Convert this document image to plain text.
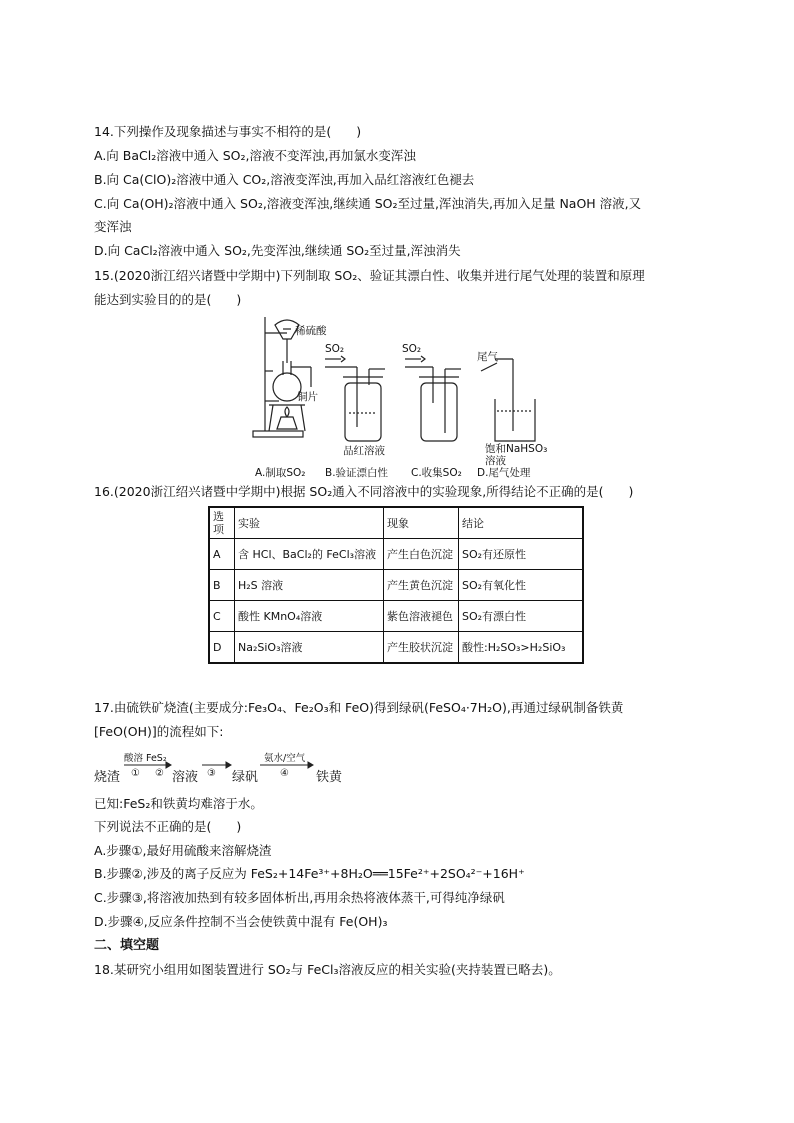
14.下列操作及现象描述与事实不相符的是(　　)
A.向 BaCl₂溶液中通入 SO₂,溶液不变浑浊,再加氯水变浑浊
B.向 Ca(ClO)₂溶液中通入 CO₂,溶液变浑浊,再加入品红溶液红色褪去
C.向 Ca(OH)₂溶液中通入 SO₂,溶液变浑浊,继续通 SO₂至过量,浑浊消失,再加入足量 NaOH 溶液,又
变浑浊
D.向 CaCl₂溶液中通入 SO₂,先变浑浊,继续通 SO₂至过量,浑浊消失
15.(2020浙江绍兴诸暨中学期中)下列制取 SO₂、验证其漂白性、收集并进行尾气处理的装置和原理
能达到实验目的的是(　　)
稀硫酸
铜片
SO₂	SO₂
尾气
品红溶液	饱和NaHSO₃
溶液
A.制取SO₂ B.验证漂白性 C.收集SO₂ D.尾气处理
16.(2020浙江绍兴诸暨中学期中)根据 SO₂通入不同溶液中的实验现象,所得结论不正确的是(　　)
选项	实验	现象	结论
A	含 HCl、BaCl₂的 FeCl₃溶液	产生白色沉淀	SO₂有还原性
B	H₂S 溶液	产生黄色沉淀	SO₂有氧化性
C	酸性 KMnO₄溶液	紫色溶液褪色	SO₂有漂白性
D	Na₂SiO₃溶液	产生胶状沉淀	酸性:H₂SO₃>H₂SiO₃
17.由硫铁矿烧渣(主要成分:Fe₃O₄、Fe₂O₃和 FeO)得到绿矾(FeSO₄·7H₂O),再通过绿矾制备铁黄
[FeO(OH)]的流程如下:
烧渣
酸溶 FeS₂
① ② 溶液 ③ 绿矾
氨水/空气
④ 铁黄
已知:FeS₂和铁黄均难溶于水。
下列说法不正确的是(　　)
A.步骤①,最好用硫酸来溶解烧渣
B.步骤②,涉及的离子反应为 FeS₂+14Fe³⁺+8H₂O══15Fe²⁺+2SO₄²⁻+16H⁺
C.步骤③,将溶液加热到有较多固体析出,再用余热将液体蒸干,可得纯净绿矾
D.步骤④,反应条件控制不当会使铁黄中混有 Fe(OH)₃
二、填空题
18.某研究小组用如图装置进行 SO₂与 FeCl₃溶液反应的相关实验(夹持装置已略去)。
